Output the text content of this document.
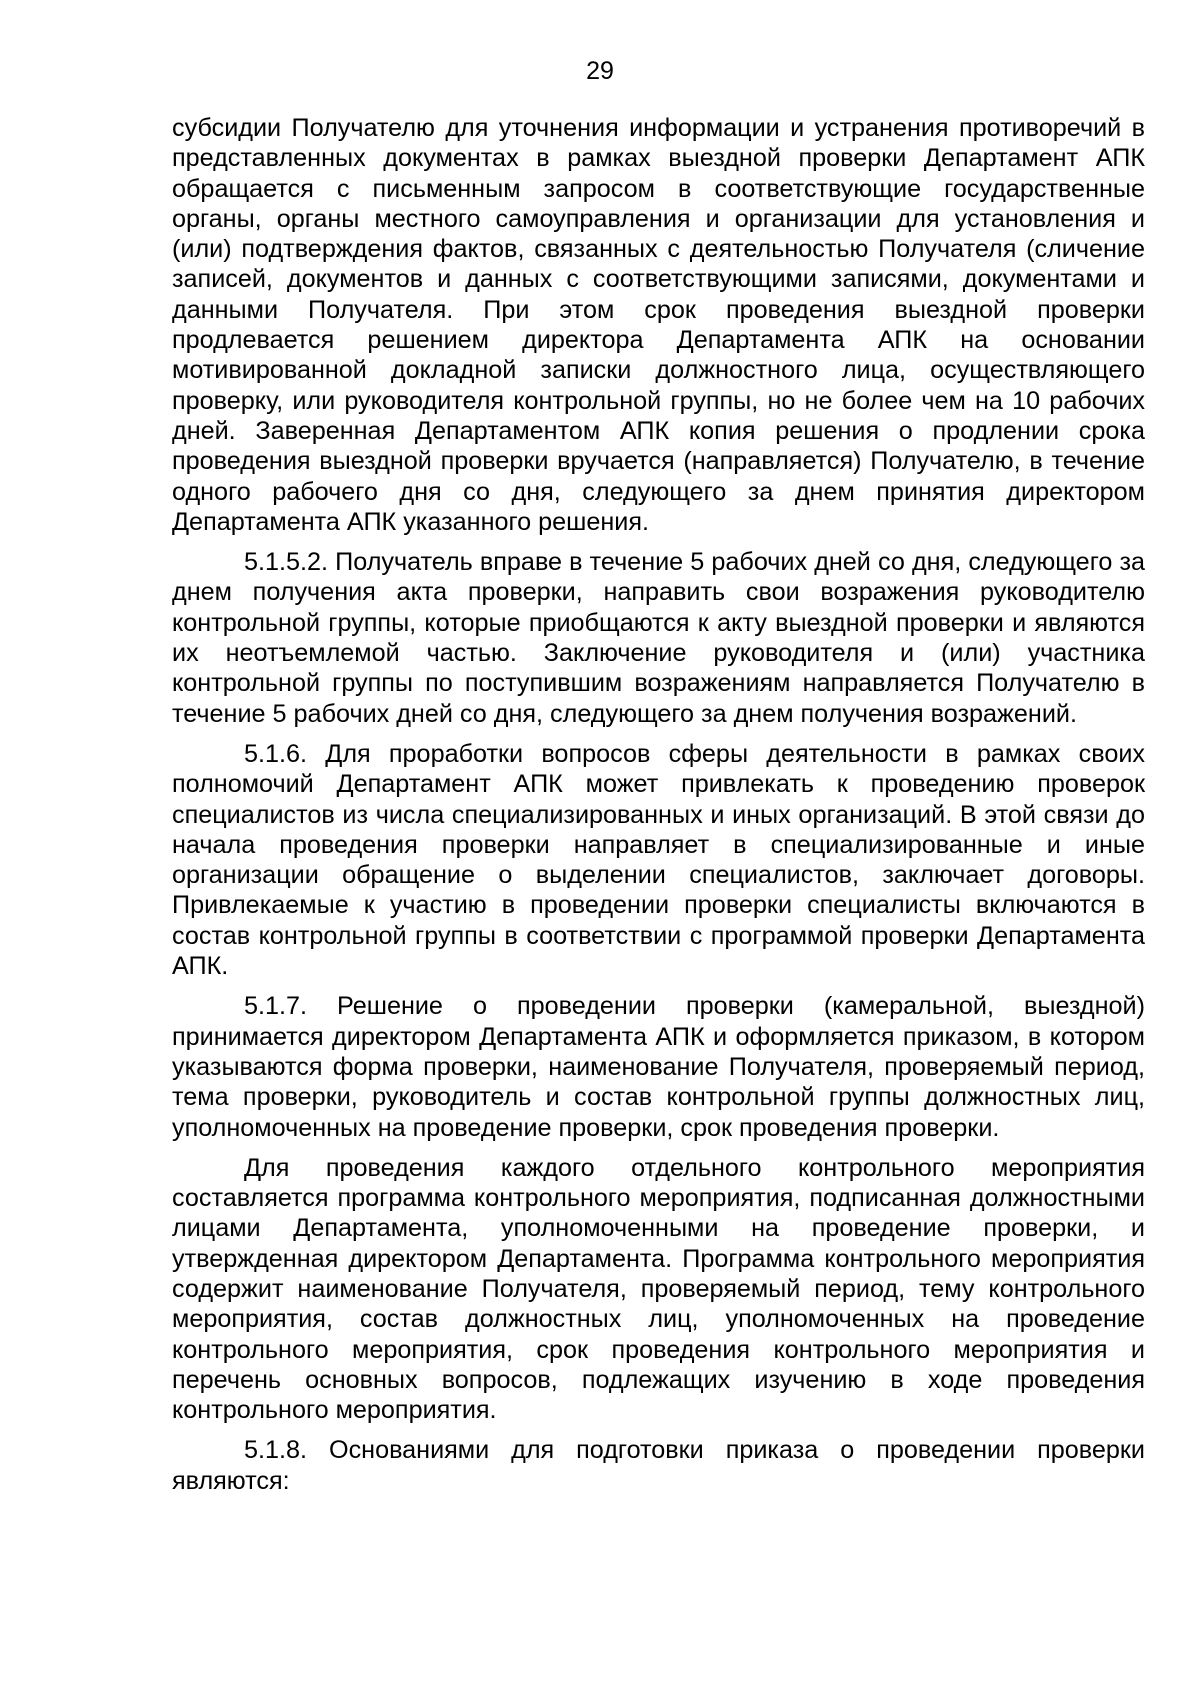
29

субсидии Получателю для уточнения информации и устранения противоречий в представленных документах в рамках выездной проверки Департамент АПК обращается с письменным запросом в соответствующие государственные органы, органы местного самоуправления и организации для установления и (или) подтверждения фактов, связанных с деятельностью Получателя (сличение записей, документов и данных с соответствующими записями, документами и данными Получателя. При этом срок проведения выездной проверки продлевается решением директора Департамента АПК на основании мотивированной докладной записки должностного лица, осуществляющего проверку, или руководителя контрольной группы, но не более чем на 10 рабочих дней. Заверенная Департаментом АПК копия решения о продлении срока проведения выездной проверки вручается (направляется) Получателю, в течение одного рабочего дня со дня, следующего за днем принятия директором Департамента АПК указанного решения.

5.1.5.2. Получатель вправе в течение 5 рабочих дней со дня, следующего за днем получения акта проверки, направить свои возражения руководителю контрольной группы, которые приобщаются к акту выездной проверки и являются их неотъемлемой частью. Заключение руководителя и (или) участника контрольной группы по поступившим возражениям направляется Получателю в течение 5 рабочих дней со дня, следующего за днем получения возражений.

5.1.6. Для проработки вопросов сферы деятельности в рамках своих полномочий Департамент АПК может привлекать к проведению проверок специалистов из числа специализированных и иных организаций. В этой связи до начала проведения проверки направляет в специализированные и иные организации обращение о выделении специалистов, заключает договоры. Привлекаемые к участию в проведении проверки специалисты включаются в состав контрольной группы в соответствии с программой проверки Департамента АПК.

5.1.7. Решение о проведении проверки (камеральной, выездной) принимается директором Департамента АПК и оформляется приказом, в котором указываются форма проверки, наименование Получателя, проверяемый период, тема проверки, руководитель и состав контрольной группы должностных лиц, уполномоченных на проведение проверки, срок проведения проверки.

Для проведения каждого отдельного контрольного мероприятия составляется программа контрольного мероприятия, подписанная должностными лицами Департамента, уполномоченными на проведение проверки, и утвержденная директором Департамента. Программа контрольного мероприятия содержит наименование Получателя, проверяемый период, тему контрольного мероприятия, состав должностных лиц, уполномоченных на проведение контрольного мероприятия, срок проведения контрольного мероприятия и перечень основных вопросов, подлежащих изучению в ходе проведения контрольного мероприятия.

5.1.8. Основаниями для подготовки приказа о проведении проверки являются:
